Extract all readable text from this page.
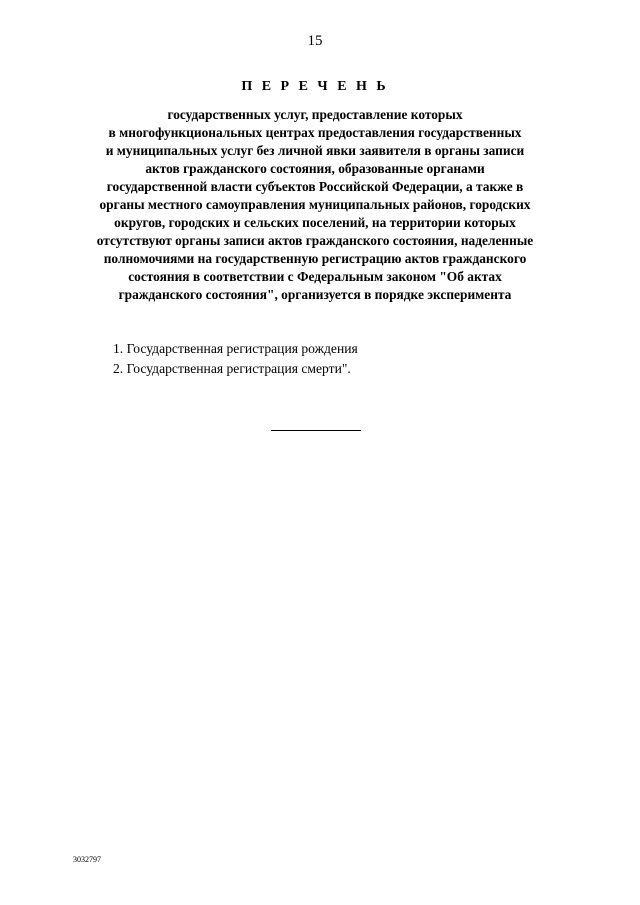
15
П Е Р Е Ч Е Н Ь
государственных услуг, предоставление которых
в многофункциональных центрах предоставления государственных
и муниципальных услуг без личной явки заявителя в органы записи
актов гражданского состояния, образованные органами
государственной власти субъектов Российской Федерации, а также в
органы местного самоуправления муниципальных районов, городских
округов, городских и сельских поселений, на территории которых
отсутствуют органы записи актов гражданского состояния, наделенные
полномочиями на государственную регистрацию актов гражданского
состояния в соответствии с Федеральным законом "Об актах
гражданского состояния", организуется в порядке эксперимента
1. Государственная регистрация рождения
2. Государственная регистрация смерти".
3032797
